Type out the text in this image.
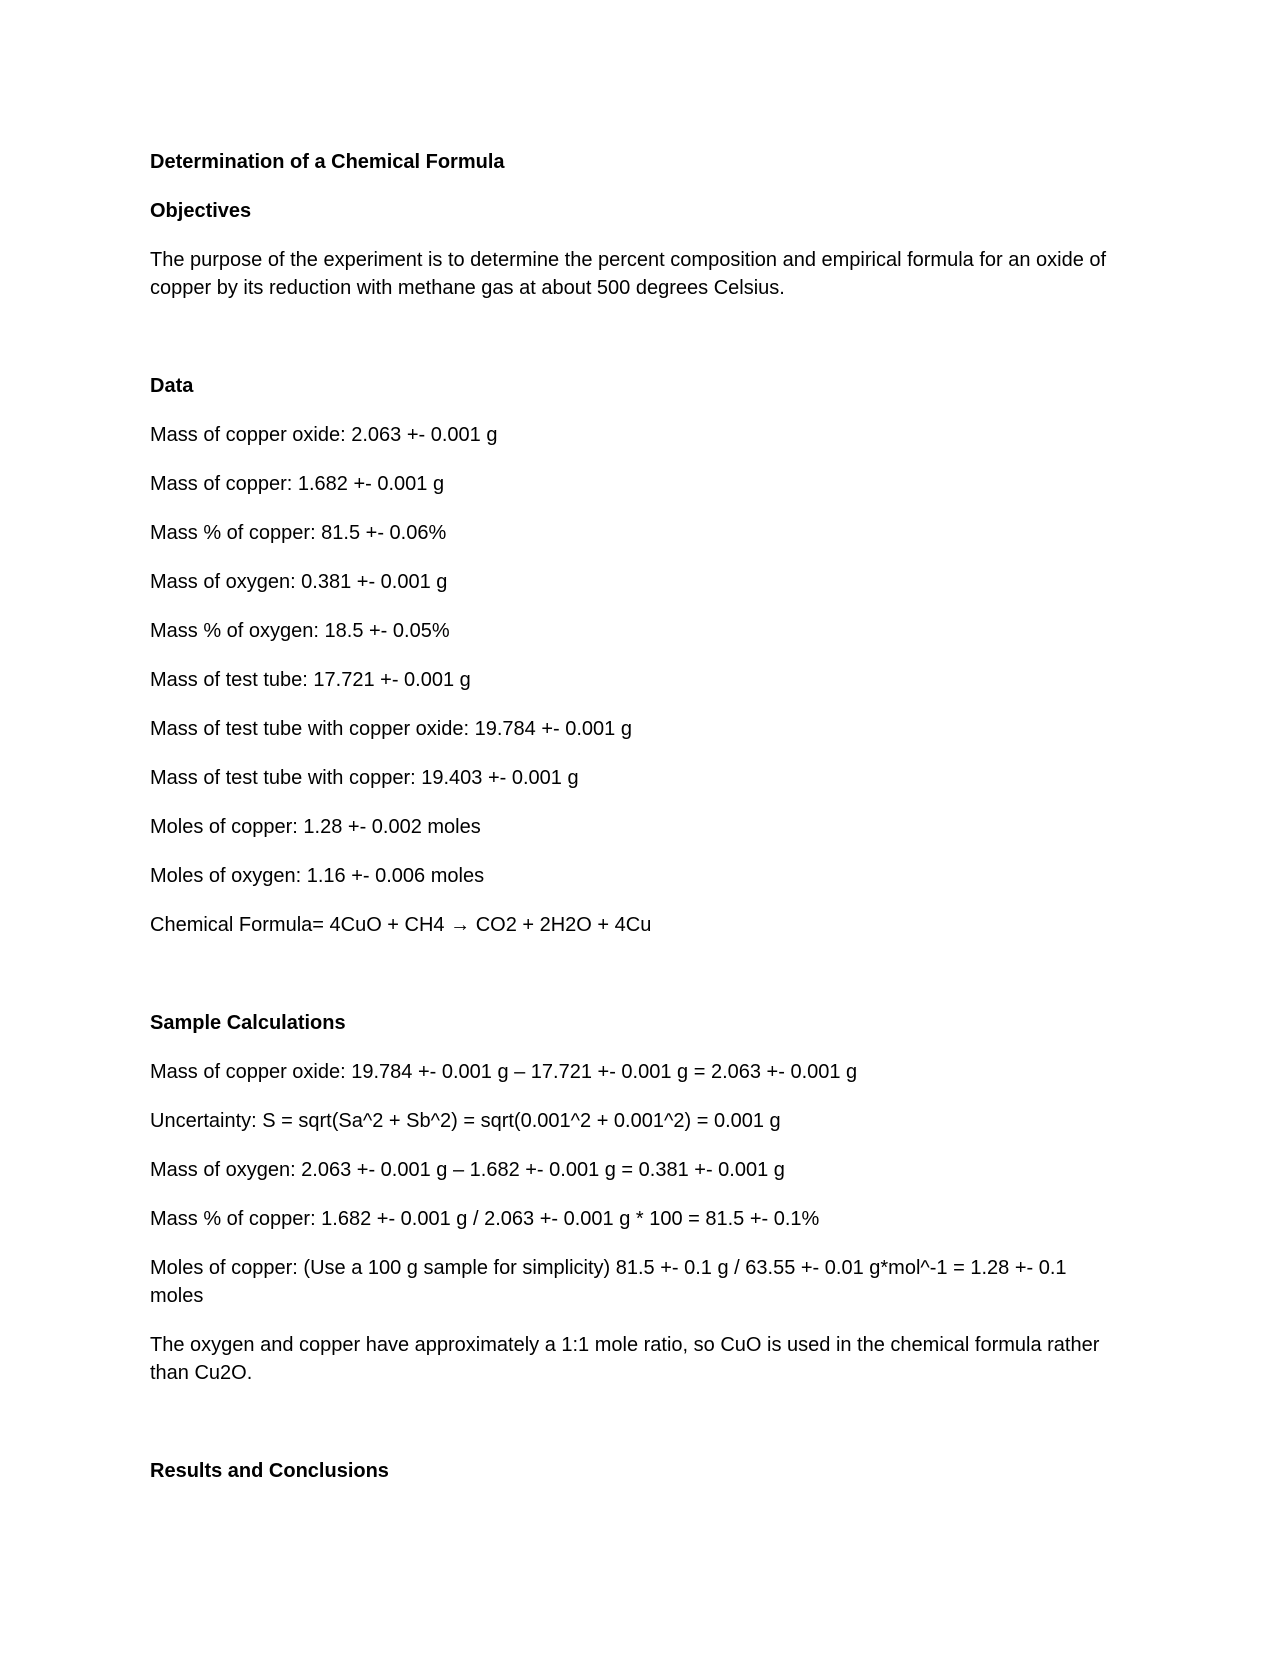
Determination of a Chemical Formula
Objectives
The purpose of the experiment is to determine the percent composition and empirical formula for an oxide of copper by its reduction with methane gas at about 500 degrees Celsius.
Data
Mass of copper oxide: 2.063 +- 0.001 g
Mass of copper: 1.682 +- 0.001 g
Mass % of copper: 81.5 +- 0.06%
Mass of oxygen: 0.381 +- 0.001 g
Mass % of oxygen: 18.5 +- 0.05%
Mass of test tube: 17.721 +- 0.001 g
Mass of test tube with copper oxide: 19.784 +- 0.001 g
Mass of test tube with copper: 19.403 +- 0.001 g
Moles of copper: 1.28 +- 0.002 moles
Moles of oxygen: 1.16 +- 0.006 moles
Chemical Formula= 4CuO + CH4 → CO2 + 2H2O + 4Cu
Sample Calculations
Mass of copper oxide: 19.784 +- 0.001 g – 17.721 +- 0.001 g = 2.063 +- 0.001 g
Uncertainty: S = sqrt(Sa^2 + Sb^2) = sqrt(0.001^2 + 0.001^2) = 0.001 g
Mass of oxygen: 2.063 +- 0.001 g – 1.682 +- 0.001 g = 0.381 +- 0.001 g
Mass % of copper: 1.682 +- 0.001 g / 2.063 +- 0.001 g * 100 = 81.5 +- 0.1%
Moles of copper: (Use a 100 g sample for simplicity) 81.5 +- 0.1 g / 63.55 +- 0.01 g*mol^-1 = 1.28 +- 0.1 moles
The oxygen and copper have approximately a 1:1 mole ratio, so CuO is used in the chemical formula rather than Cu2O.
Results and Conclusions
